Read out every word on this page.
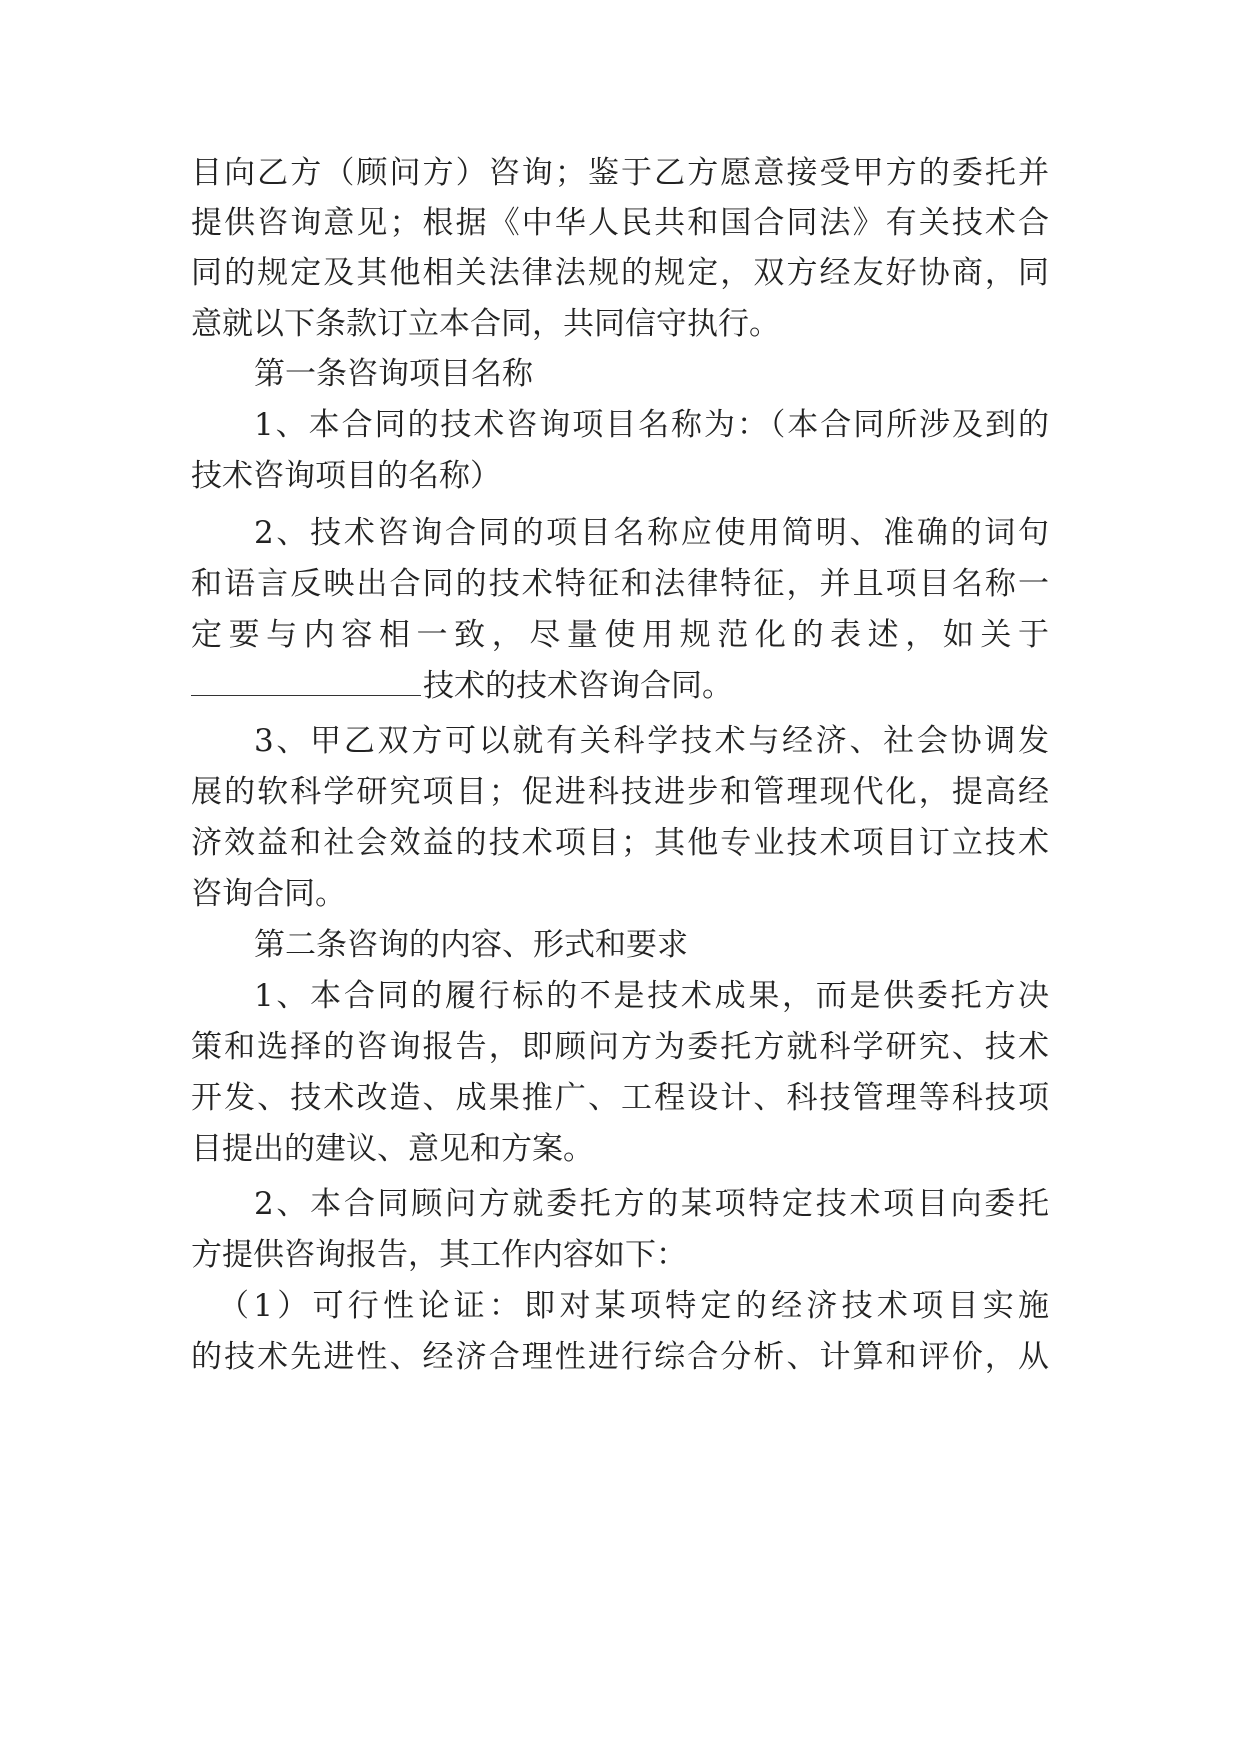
目向乙方（顾问方）咨询；鉴于乙方愿意接受甲方的委托并
提供咨询意见；根据《中华人民共和国合同法》有关技术合
同的规定及其他相关法律法规的规定，双方经友好协商，同
意就以下条款订立本合同，共同信守执行。
第一条咨询项目名称
1、本合同的技术咨询项目名称为：（本合同所涉及到的
技术咨询项目的名称）
2、技术咨询合同的项目名称应使用简明、准确的词句
和语言反映出合同的技术特征和法律特征，并且项目名称一
定要与内容相一致，尽量使用规范化的表述，如关于
技术的技术咨询合同。
3、甲乙双方可以就有关科学技术与经济、社会协调发
展的软科学研究项目；促进科技进步和管理现代化，提高经
济效益和社会效益的技术项目；其他专业技术项目订立技术
咨询合同。
第二条咨询的内容、形式和要求
1、本合同的履行标的不是技术成果，而是供委托方决
策和选择的咨询报告，即顾问方为委托方就科学研究、技术
开发、技术改造、成果推广、工程设计、科技管理等科技项
目提出的建议、意见和方案。
2、本合同顾问方就委托方的某项特定技术项目向委托
方提供咨询报告，其工作内容如下：
（1）可行性论证：即对某项特定的经济技术项目实施
的技术先进性、经济合理性进行综合分析、计算和评价，从
